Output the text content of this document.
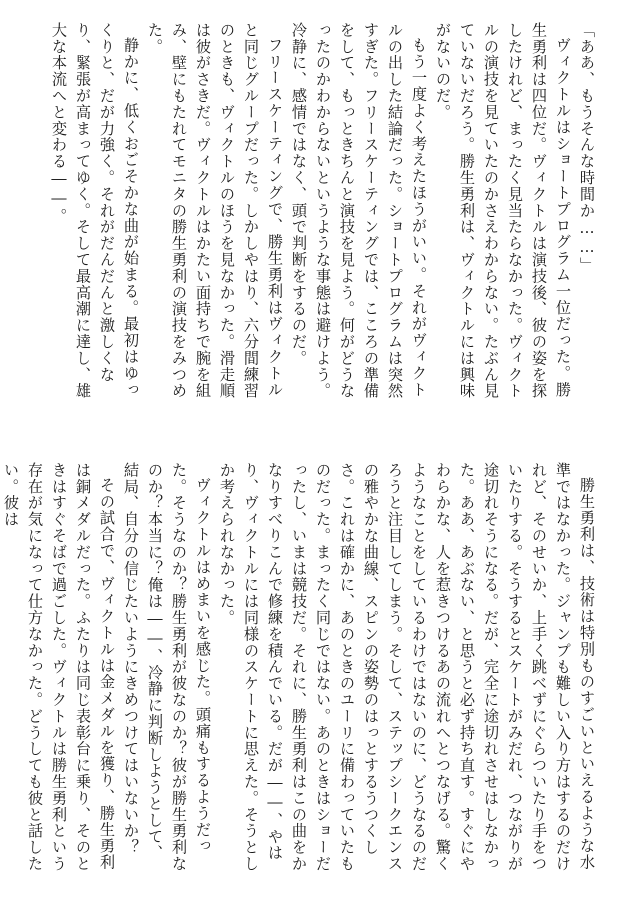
「ああ、もうそんな時間か……」

ヴィクトルはショートプログラム一位だった。勝生勇利は四位だ。ヴィクトルは演技後、彼の姿を探したけれど、まったく見当たらなかった。ヴィクトルの演技を見ていたのかさえわからない。たぶん見ていないだろう。勝生勇利は、ヴィクトルには興味がないのだ。

もう一度よく考えたほうがいい。それがヴィクトルの出した結論だった。ショートプログラムは突然すぎた。フリースケーティングでは、こころの準備をして、もっときちんと演技を見よう。何がどうなったのかわからないというような事態は避けよう。冷静に、感情ではなく、頭で判断をするのだ。

フリースケーティングで、勝生勇利はヴィクトルと同じグループだった。しかしやはり、六分間練習のときも、ヴィクトルのほうを見なかった。滑走順は彼がさきだ。ヴィクトルはかたい面持ちで腕を組み、壁にもたれてモニタの勝生勇利の演技をみつめた。

静かに、低くおごそかな曲が始まる。最初はゆっくりと、だが力強く。それがだんだんと激しくなり、緊張が高まってゆく。そして最高潮に達し、雄大な本流へと変わる――。

勝生勇利は、技術は特別ものすごいといえるような水準ではなかった。ジャンプも難しい入り方はするのだけれど、そのせいか、上手く跳べずにぐらついたり手をついたりする。そうするとスケートがみだれ、つながりが途切れそうになる。だが、完全に途切れさせはしなかった。ああ、あぶない、と思うと必ず持ち直す。すぐにやわらかな、人を惹きつけるあの流れへとつなげる。驚くようなことをしているわけではないのに、どうなるのだろうと注目してしまう。そして、ステップシークエンスの雅やかな曲線、スピンの姿勢のはっとするうつくしさ。これは確かに、あのときのユーリに備わっていたものだった。まったく同じではない。あのときはショーだったし、いまは競技だ。それに、勝生勇利はこの曲をかなりすべりこんで修練を積んでいる。だが――、やはり、ヴィクトルには同様のスケートに思えた。そうとしか考えられなかった。

ヴィクトルはめまいを感じた。頭痛もするようだった。そうなのか？勝生勇利が彼なのか？彼が勝生勇利なのか？本当に？俺は――、冷静に判断しようとして、結局、自分の信じたいようにきめつけてはいないか？

その試合で、ヴィクトルは金メダルを獲り、勝生勇利は銅メダルだった。ふたりは同じ表彰台に乗り、そのときはすぐそばで過ごした。ヴィクトルは勝生勇利という存在が気になって仕方なかった。どうしても彼と話したい。彼は
